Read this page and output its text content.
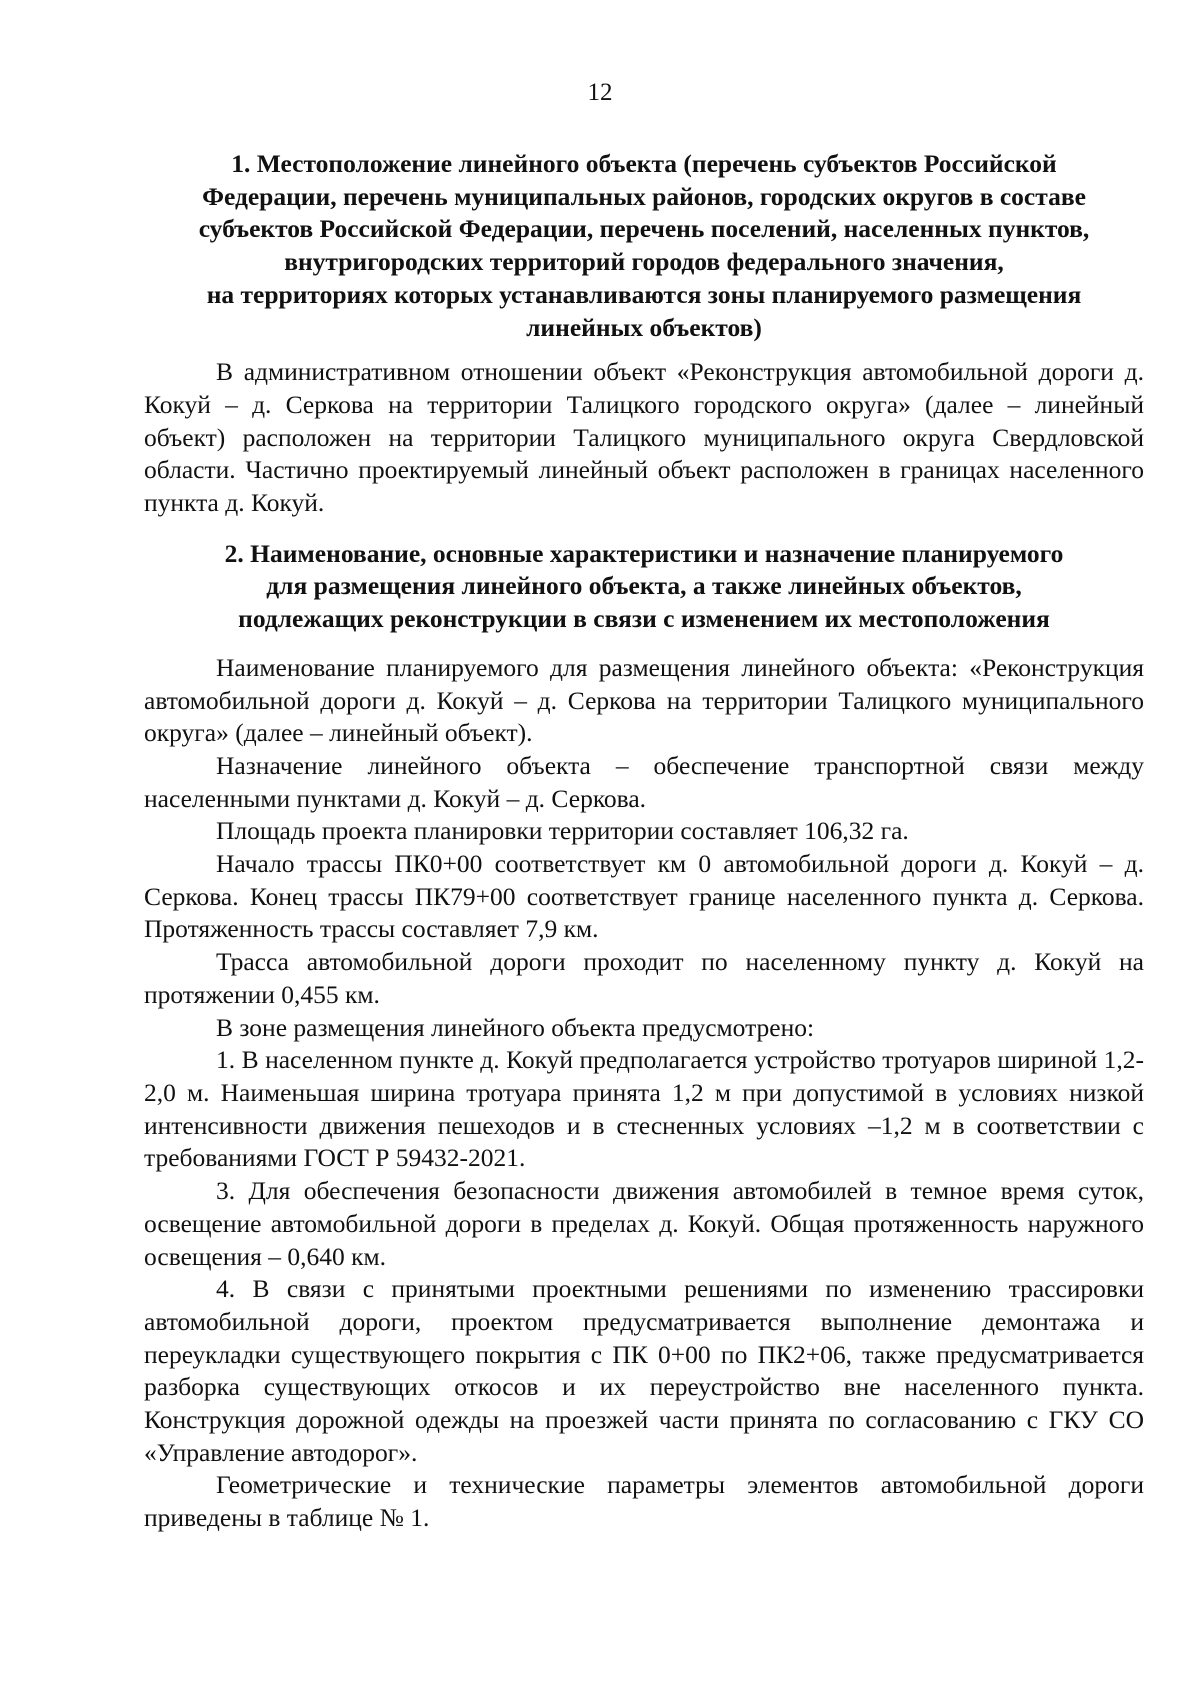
12
1. Местоположение линейного объекта (перечень субъектов Российской
Федерации, перечень муниципальных районов, городских округов в составе
субъектов Российской Федерации, перечень поселений, населенных пунктов,
внутригородских территорий городов федерального значения,
на территориях которых устанавливаются зоны планируемого размещения
линейных объектов)

В административном отношении объект «Реконструкция автомобильной дороги д. Кокуй – д. Серкова на территории Талицкого городского округа» (далее – линейный объект) расположен на территории Талицкого муниципального округа Свердловской области. Частично проектируемый линейный объект расположен в границах населенного пункта д. Кокуй.

2. Наименование, основные характеристики и назначение планируемого
для размещения линейного объекта, а также линейных объектов,
подлежащих реконструкции в связи с изменением их местоположения

Наименование планируемого для размещения линейного объекта: «Реконструкция автомобильной дороги д. Кокуй – д. Серкова на территории Талицкого муниципального округа» (далее – линейный объект).

Назначение линейного объекта – обеспечение транспортной связи между населенными пунктами д. Кокуй – д. Серкова.

Площадь проекта планировки территории составляет 106,32 га.

Начало трассы ПК0+00 соответствует км 0 автомобильной дороги д. Кокуй – д. Серкова. Конец трассы ПК79+00 соответствует границе населенного пункта д. Серкова. Протяженность трассы составляет 7,9 км.

Трасса автомобильной дороги проходит по населенному пункту д. Кокуй на протяжении 0,455 км.

В зоне размещения линейного объекта предусмотрено:

1. В населенном пункте д. Кокуй предполагается устройство тротуаров шириной 1,2-2,0 м. Наименьшая ширина тротуара принята 1,2 м при допустимой в условиях низкой интенсивности движения пешеходов и в стесненных условиях –1,2 м в соответствии с требованиями ГОСТ Р 59432-2021.

3. Для обеспечения безопасности движения автомобилей в темное время суток, освещение автомобильной дороги в пределах д. Кокуй. Общая протяженность наружного освещения – 0,640 км.

4. В связи с принятыми проектными решениями по изменению трассировки автомобильной дороги, проектом предусматривается выполнение демонтажа и переукладки существующего покрытия с ПК 0+00 по ПК2+06, также предусматривается разборка существующих откосов и их переустройство вне населенного пункта. Конструкция дорожной одежды на проезжей части принята по согласованию с ГКУ СО «Управление автодорог».

Геометрические и технические параметры элементов автомобильной дороги приведены в таблице № 1.
